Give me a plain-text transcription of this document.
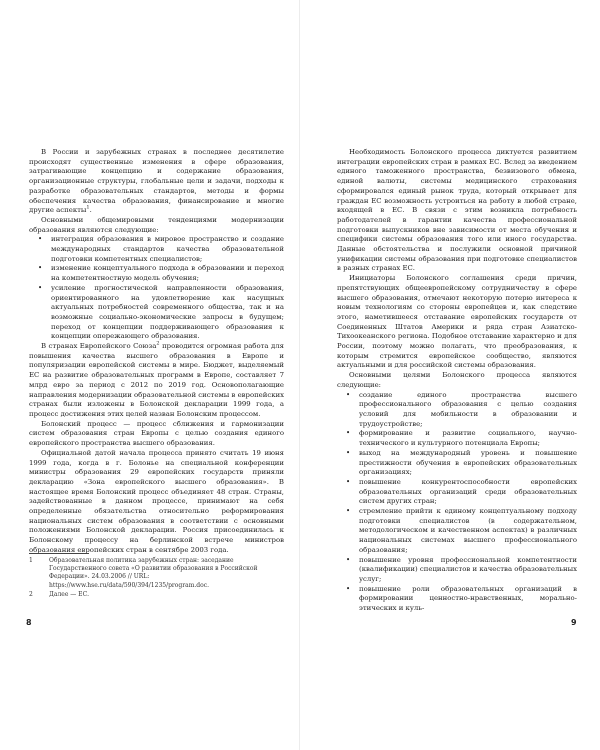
В России и зарубежных странах в последнее десятилетие происходят существенные изменения в сфере образования, затрагивающие концепцию и содержание образования, организационные структуры, глобальные цели и задачи, подходы к разработке образовательных стандартов, методы и формы обеспечения качества образования, финансирование и многие другие аспекты$^1$.

Основными общемировыми тенденциями модернизации образования являются следующие:

• интеграция образования в мировое пространство и создание международных стандартов качества образовательной подготовки компетентных специалистов;
• изменение концептуального подхода в образовании и переход на компетентностную модель обучения;
• усиление прогностической направленности образования, ориентированного на удовлетворение как насущных актуальных потребностей современного общества, так и на возможные социально-экономические запросы в будущем; переход от концепции поддерживающего образования к концепции опережающего образования.

В странах Европейского Союза$^2$ проводится огромная работа для повышения качества высшего образования в Европе и популяризации европейской системы в мире. Бюджет, выделяемый ЕС на развитие образовательных программ в Европе, составляет 7 млрд евро за период с 2012 по 2019 год. Основополагающие направления модернизации образовательной системы в европейских странах были изложены в Болонской декларации 1999 года, а процесс достижения этих целей назван Болонским процессом.

Болонский процесс — процесс сближения и гармонизации систем образования стран Европы с целью создания единого европейского пространства высшего образования.

Официальной датой начала процесса принято считать 19 июня 1999 года, когда в г. Болонье на специальной конференции министры образования 29 европейских государств приняли декларацию «Зона европейского высшего образования». В настоящее время Болонский процесс объединяет 48 стран. Страны, задействованные в данном процессе, принимают на себя определенные обязательства относительно реформирования национальных систем образования в соответствии с основными положениями Болонской декларации. Россия присоединилась к Болонскому процессу на берлинской встрече министров образования европейских стран в сентябре 2003 года.

1	Образовательная политика зарубежных стран: заседание Государственного совета «О развитии образования в Российской Федерации». 24.03.2006 // URL: https://www.hse.ru/data/590/394/1235/program.doc.
2	Далее — ЕС.
8

Необходимость Болонского процесса диктуется развитием интеграции европейских стран в рамках ЕС. Вслед за введением единого таможенного пространства, безвизового обмена, единой валюты, системы медицинского страхования сформировался единый рынок труда, который открывает для граждан ЕС возможность устроиться на работу в любой стране, входящей в ЕС. В связи с этим возникла потребность работодателей в гарантии качества профессиональной подготовки выпускников вне зависимости от места обучения и специфики системы образования того или иного государства. Данные обстоятельства и послужили основной причиной унификации системы образования при подготовке специалистов в разных странах ЕС.

Инициаторы Болонского соглашения среди причин, препятствующих общеевропейскому сотрудничеству в сфере высшего образования, отмечают некоторую потерю интереса к новым технологиям со стороны европейцев и, как следствие этого, наметившееся отставание европейских государств от Соединенных Штатов Америки и ряда стран Азиатско-Тихоокеанского региона. Подобное отставание характерно и для России, поэтому можно полагать, что преобразования, к которым стремится европейское сообщество, являются актуальными и для российской системы образования.

Основными целями Болонского процесса являются следующие:

• создание единого пространства высшего профессионального образования с целью создания условий для мобильности в образовании и трудоустройстве;
• формирование и развитие социального, научно-технического и культурного потенциала Европы;
• выход на международный уровень и повышение престижности обучения в европейских образовательных организациях;
• повышение конкурентоспособности европейских образовательных организаций среди образовательных систем других стран;
• стремление прийти к единому концептуальному подходу подготовки специалистов (в содержательном, методологическом и качественном аспектах) в различных национальных системах высшего профессионального образования;
• повышение уровня профессиональной компетентности (квалификации) специалистов и качества образовательных услуг;
• повышение роли образовательных организаций в формировании ценностно-нравственных, морально-этических и куль-
9
